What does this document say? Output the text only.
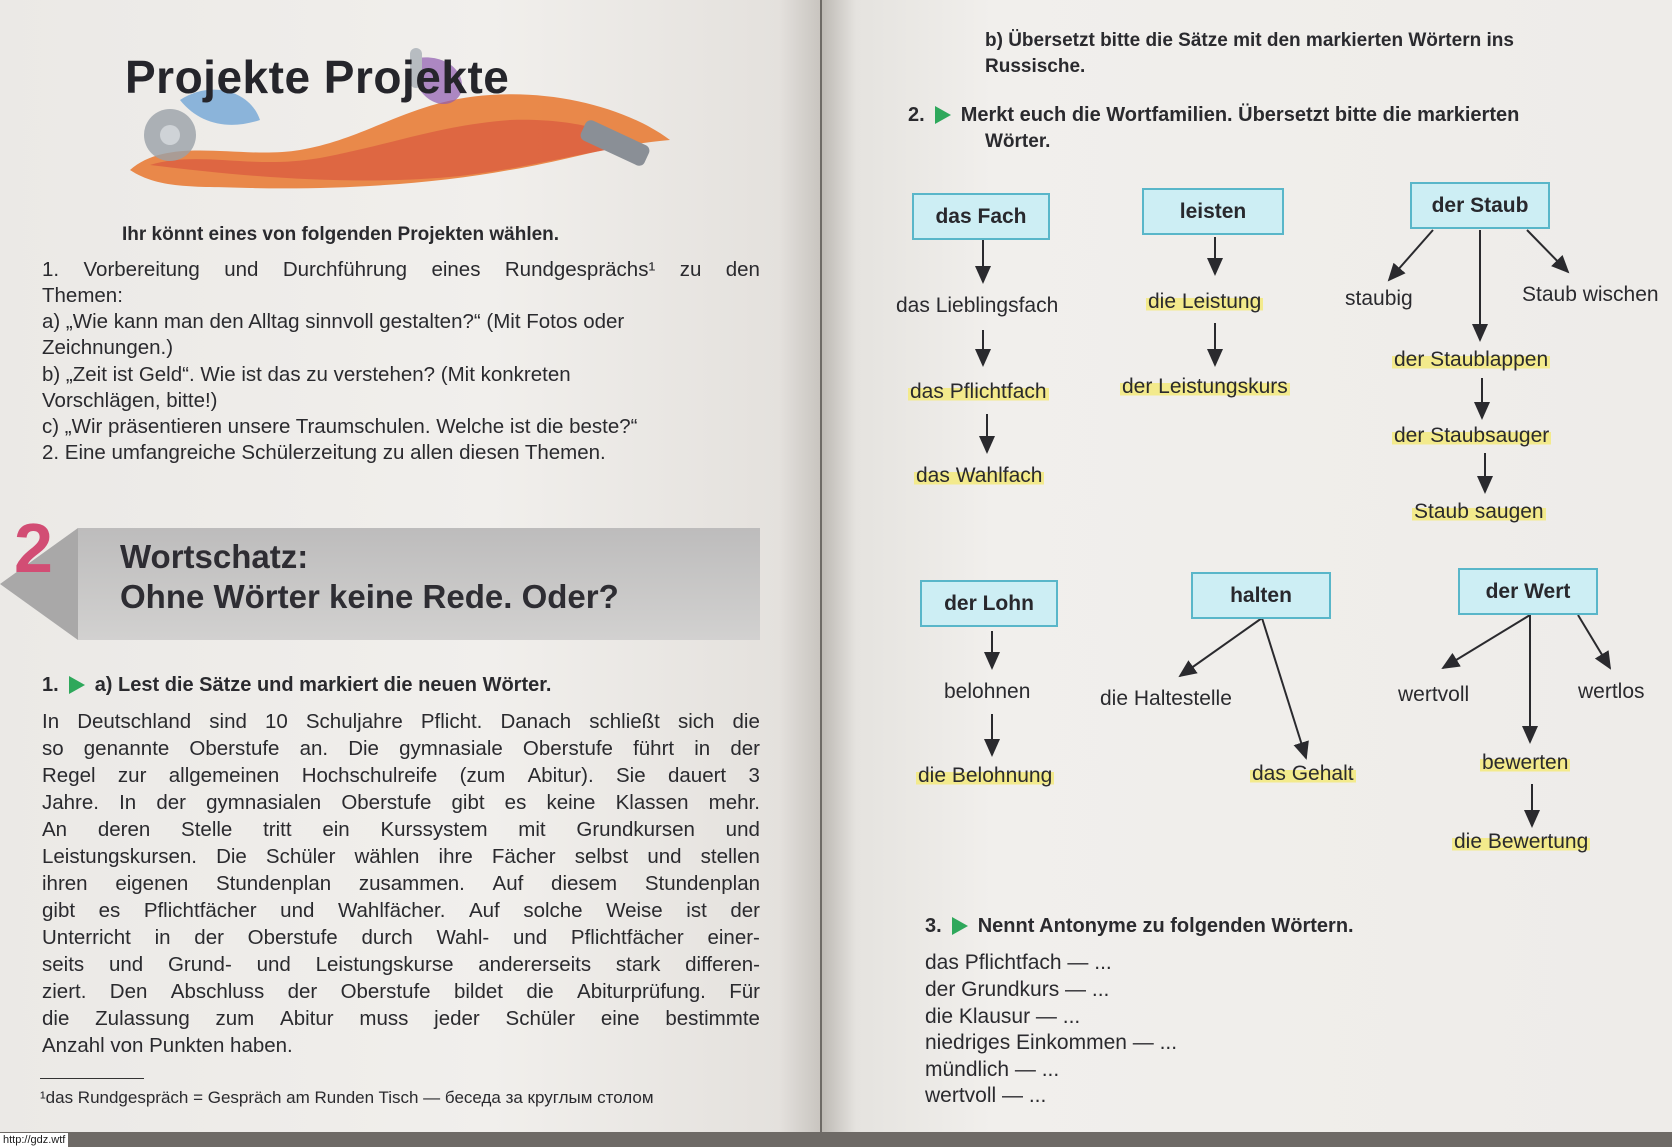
Projekte Projekte
Ihr könnt eines von folgenden Projekten wählen.
1. Vorbereitung und Durchführung eines Rundgesprächs¹ zu den
Themen:
a) „Wie kann man den Alltag sinnvoll gestalten?“ (Mit Fotos oder
Zeichnungen.)
b) „Zeit ist Geld“. Wie ist das zu verstehen? (Mit konkreten
Vorschlägen, bitte!)
c) „Wir präsentieren unsere Traumschulen. Welche ist die beste?“
2. Eine umfangreiche Schülerzeitung zu allen diesen Themen.
2 Wortschatz:
Ohne Wörter keine Rede. Oder?
1. a) Lest die Sätze und markiert die neuen Wörter.
In Deutschland sind 10 Schuljahre Pflicht. Danach schließt sich die
so genannte Oberstufe an. Die gymnasiale Oberstufe führt in der
Regel zur allgemeinen Hochschulreife (zum Abitur). Sie dauert 3
Jahre. In der gymnasialen Oberstufe gibt es keine Klassen mehr.
An deren Stelle tritt ein Kurssystem mit Grundkursen und
Leistungskursen. Die Schüler wählen ihre Fächer selbst und stellen
ihren eigenen Stundenplan zusammen. Auf diesem Stundenplan
gibt es Pflichtfächer und Wahlfächer. Auf solche Weise ist der
Unterricht in der Oberstufe durch Wahl- und Pflichtfächer einer-
seits und Grund- und Leistungskurse andererseits stark differen-
ziert. Den Abschluss der Oberstufe bildet die Abiturprüfung. Für
die Zulassung zum Abitur muss jeder Schüler eine bestimmte
Anzahl von Punkten haben.
¹das Rundgespräch = Gespräch am Runden Tisch — беседа за круглым столом
b) Übersetzt bitte die Sätze mit den markierten Wörtern ins
Russische.
2. Merkt euch die Wortfamilien. Übersetzt bitte die markierten
Wörter.
das Fach
das Lieblingsfach
das Pflichtfach
das Wahlfach
leisten
die Leistung
der Leistungskurs
der Staub
staubig	Staub wischen
der Staublappen
der Staubsauger
Staub saugen
der Lohn
belohnen
die Belohnung
halten
die Haltestelle
das Gehalt
der Wert
wertvoll	wertlos
bewerten
die Bewertung
3. Nennt Antonyme zu folgenden Wörtern.
das Pflichtfach — ...
der Grundkurs — ...
die Klausur — ...
niedriges Einkommen — ...
mündlich — ...
wertvoll — ...
http://gdz.wtf
